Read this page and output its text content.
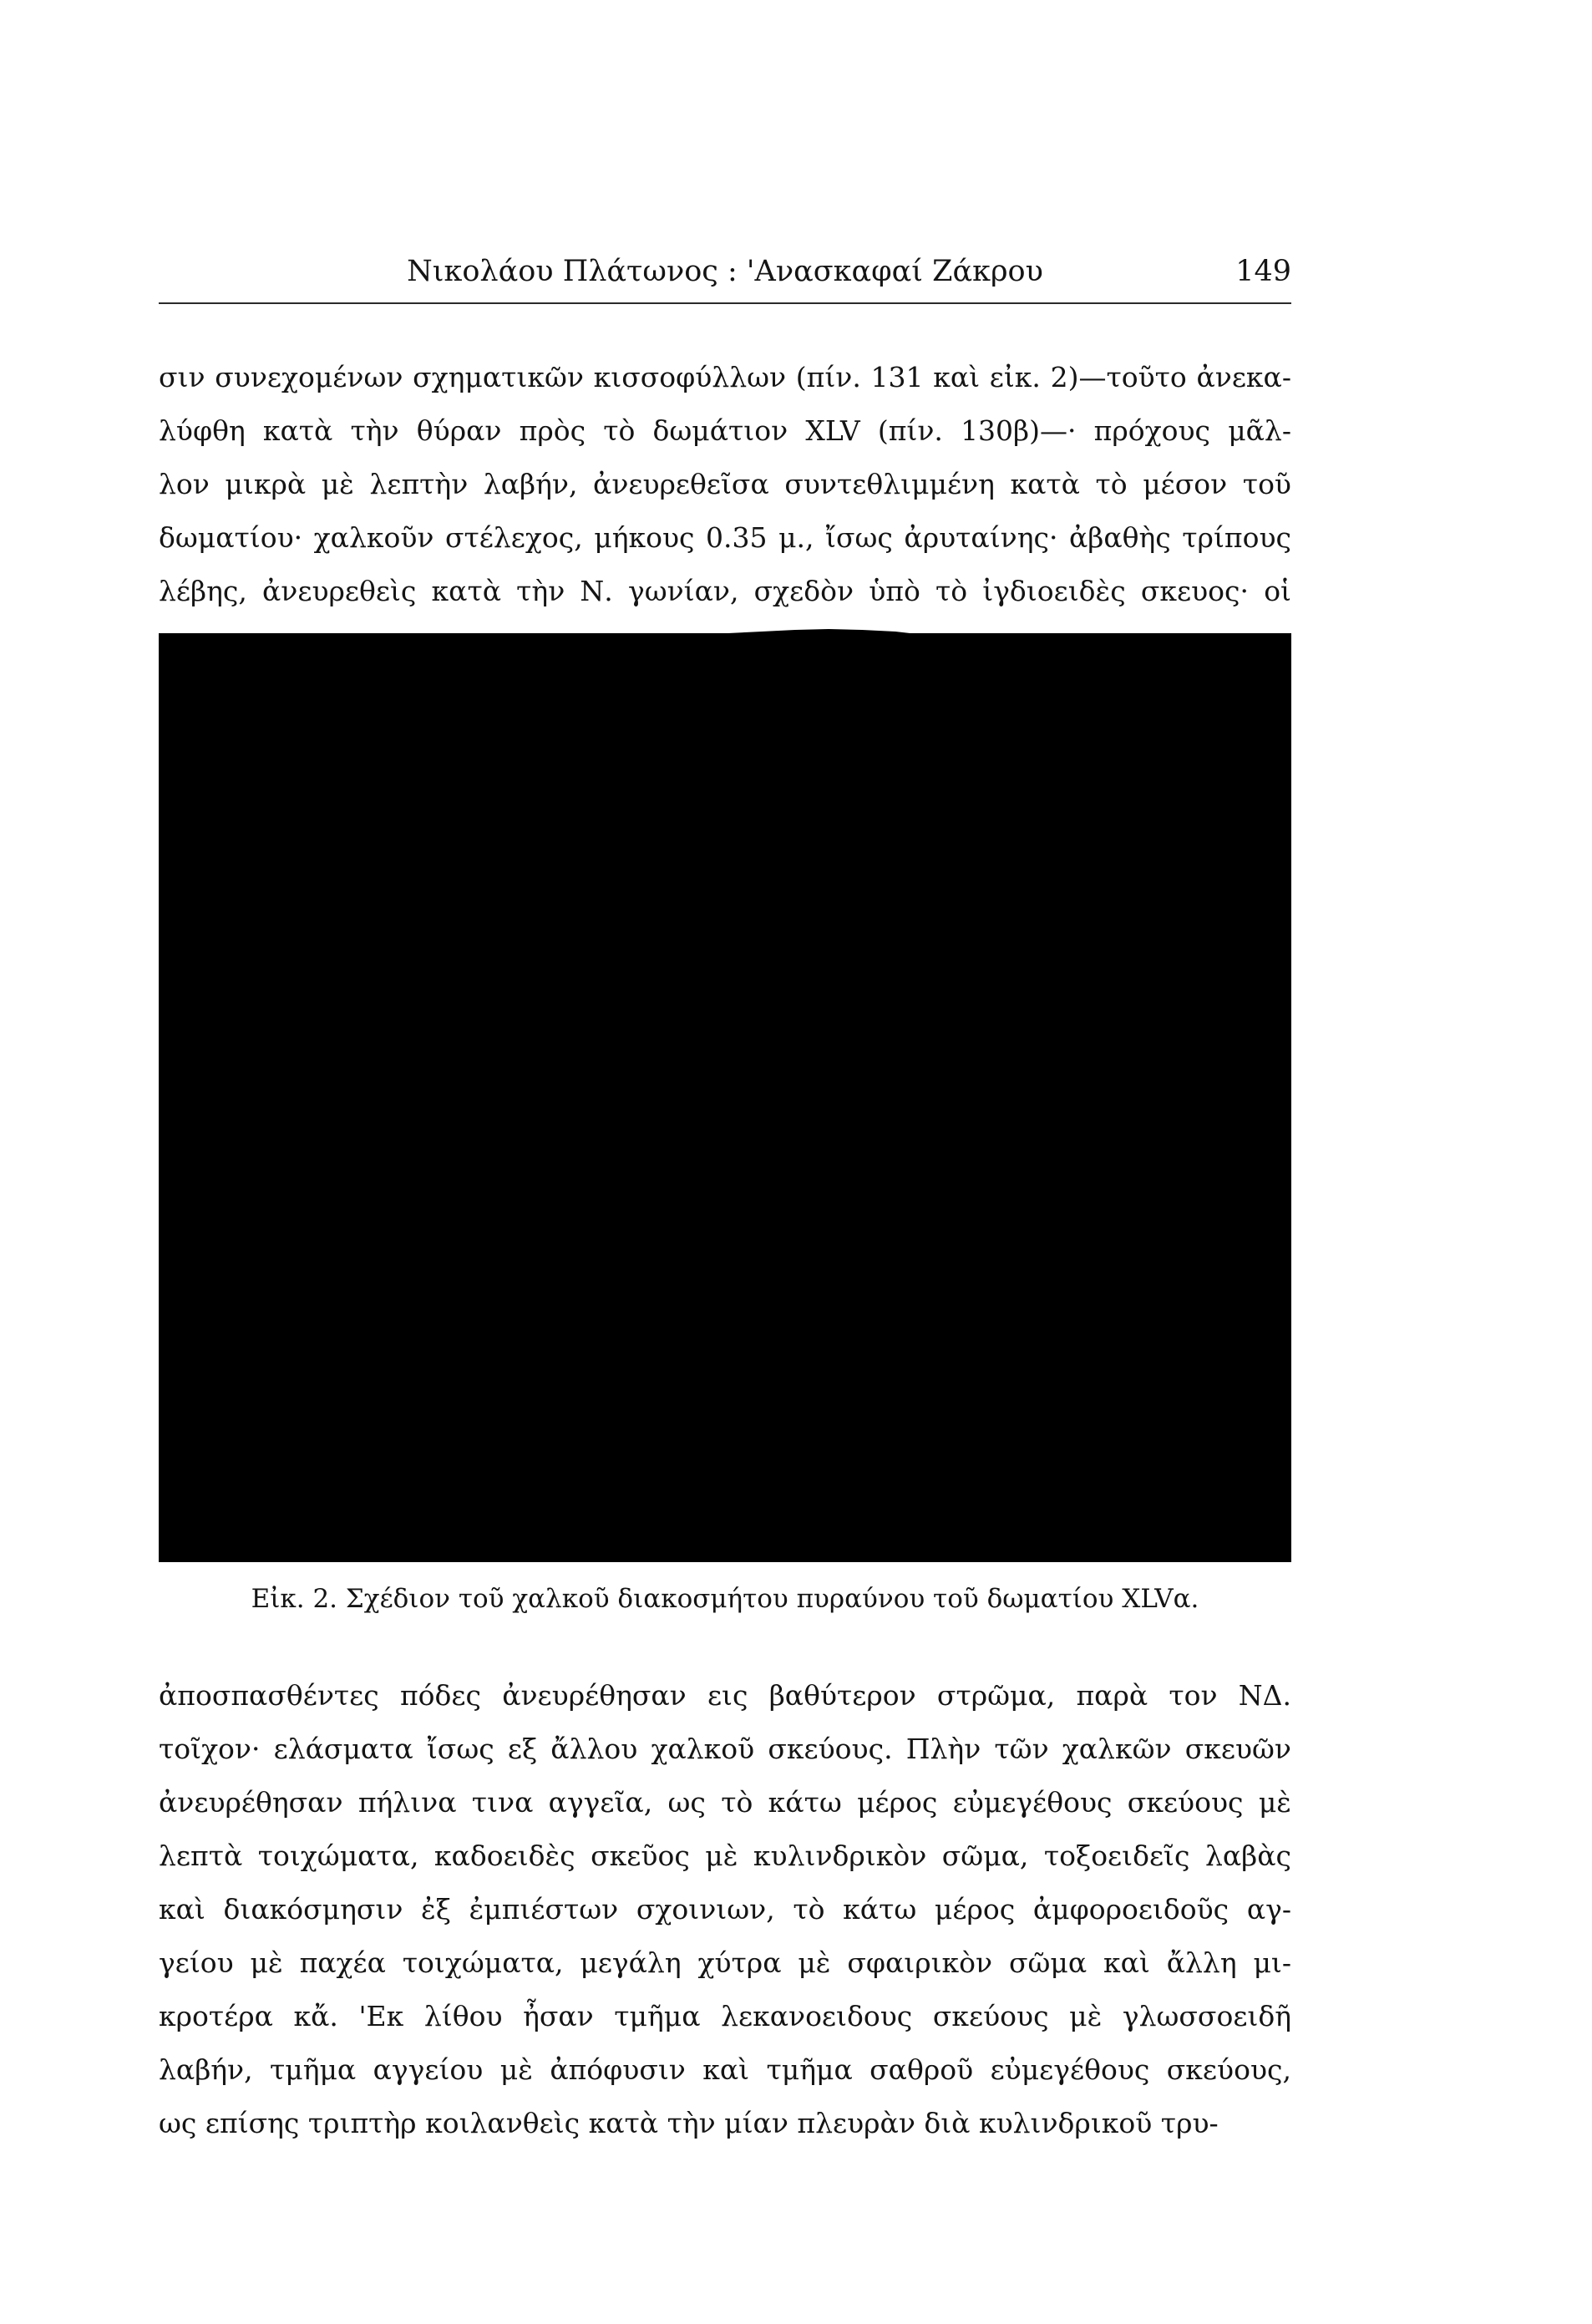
Νικολάου Πλάτωνος : 'Ανασκαφαί Ζάκρου	149
σιν συνεχομένων σχηματικῶν κισσοφύλλων (πίν. 131 καὶ εἰκ. 2)—τοῦτο ἀνεκα-
λύφθη κατὰ τὴν θύραν πρὸς τὸ δωμάτιον XLV (πίν. 130β)—· πρόχους μᾶλ-
λον μικρὰ μὲ λεπτὴν λαβήν, ἀνευρεθεῖσα συντεθλιμμένη κατὰ τὸ μέσον τοῦ
δωματίου· χαλκοῦν στέλεχος, μήκους 0.35 μ., ἴσως ἀρυταίνης· ἀβαθὴς τρίπους
λέβης, ἀνευρεθεὶς κατὰ τὴν Ν. γωνίαν, σχεδὸν ὑπὸ τὸ ἰγδιοειδὲς σκευος· οἱ
Εἰκ. 2. Σχέδιον τοῦ χαλκοῦ διακοσμήτου πυραύνου τοῦ δωματίου XLVα.
ἀποσπασθέντες πόδες ἀνευρέθησαν εις βαθύτερον στρῶμα, παρὰ τον ΝΔ.
τοῖχον· ελάσματα ἴσως εξ ἄλλου χαλκοῦ σκεύους. Πλὴν τῶν χαλκῶν σκευῶν
ἀνευρέθησαν πήλινα τινα αγγεῖα, ως τὸ κάτω μέρος εὐμεγέθους σκεύους μὲ
λεπτὰ τοιχώματα, καδοειδὲς σκεῦος μὲ κυλινδρικὸν σῶμα, τοξοειδεῖς λαβὰς
καὶ διακόσμησιν ἐξ ἐμπιέστων σχοινιων, τὸ κάτω μέρος ἀμφοροειδοῦς αγ-
γείου μὲ παχέα τοιχώματα, μεγάλη χύτρα μὲ σφαιρικὸν σῶμα καὶ ἄλλη μι-
κροτέρα κἄ. 'Εκ λίθου ἦσαν τμῆμα λεκανοειδους σκεύους μὲ γλωσσοειδῆ
λαβήν, τμῆμα αγγείου μὲ ἀπόφυσιν καὶ τμῆμα σαθροῦ εὐμεγέθους σκεύους,
ως επίσης τριπτὴρ κοιλανθεὶς κατὰ τὴν μίαν πλευρὰν διὰ κυλινδρικοῦ τρυ-
